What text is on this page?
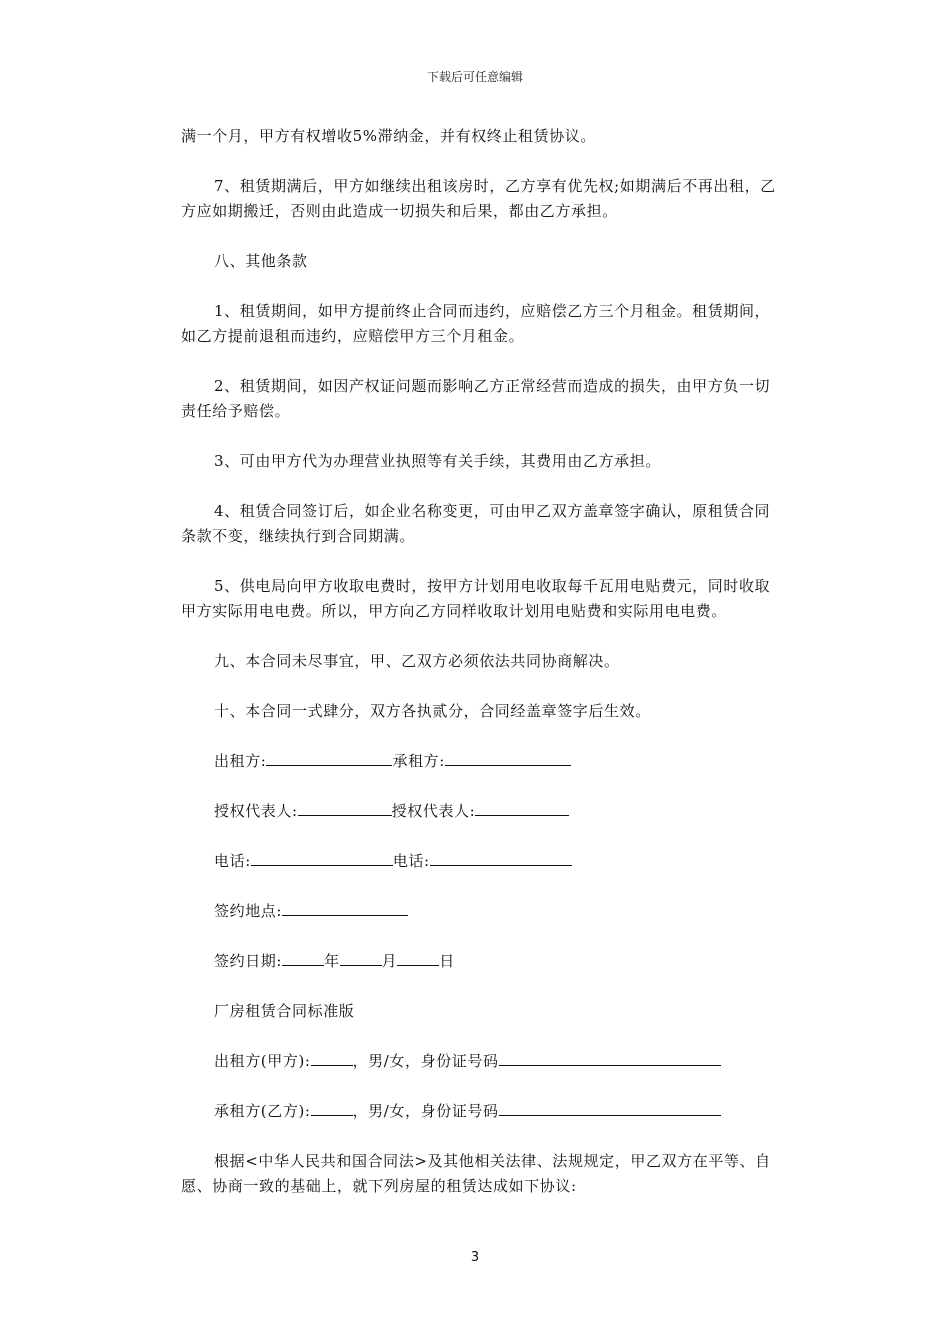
下载后可任意编辑

满一个月，甲方有权增收5%滞纳金，并有权终止租赁协议。

7、租赁期满后，甲方如继续出租该房时，乙方享有优先权;如期满后不再出租，乙方应如期搬迁，否则由此造成一切损失和后果，都由乙方承担。

八、其他条款

1、租赁期间，如甲方提前终止合同而违约，应赔偿乙方三个月租金。租赁期间，如乙方提前退租而违约，应赔偿甲方三个月租金。

2、租赁期间，如因产权证问题而影响乙方正常经营而造成的损失，由甲方负一切责任给予赔偿。

3、可由甲方代为办理营业执照等有关手续，其费用由乙方承担。

4、租赁合同签订后，如企业名称变更，可由甲乙双方盖章签字确认，原租赁合同条款不变，继续执行到合同期满。

5、供电局向甲方收取电费时，按甲方计划用电收取每千瓦用电贴费元，同时收取甲方实际用电电费。所以，甲方向乙方同样收取计划用电贴费和实际用电电费。

九、本合同未尽事宜，甲、乙双方必须依法共同协商解决。

十、本合同一式肆分，双方各执贰分，合同经盖章签字后生效。

出租方:	承租方:

授权代表人:	授权代表人:

电话:	电话:

签约地点:

签约日期:	年	月	日

厂房租赁合同标准版

出租方(甲方):	，男/女，身份证号码

承租方(乙方):	，男/女，身份证号码

根据<中华人民共和国合同法>及其他相关法律、法规规定，甲乙双方在平等、自愿、协商一致的基础上，就下列房屋的租赁达成如下协议:

3
